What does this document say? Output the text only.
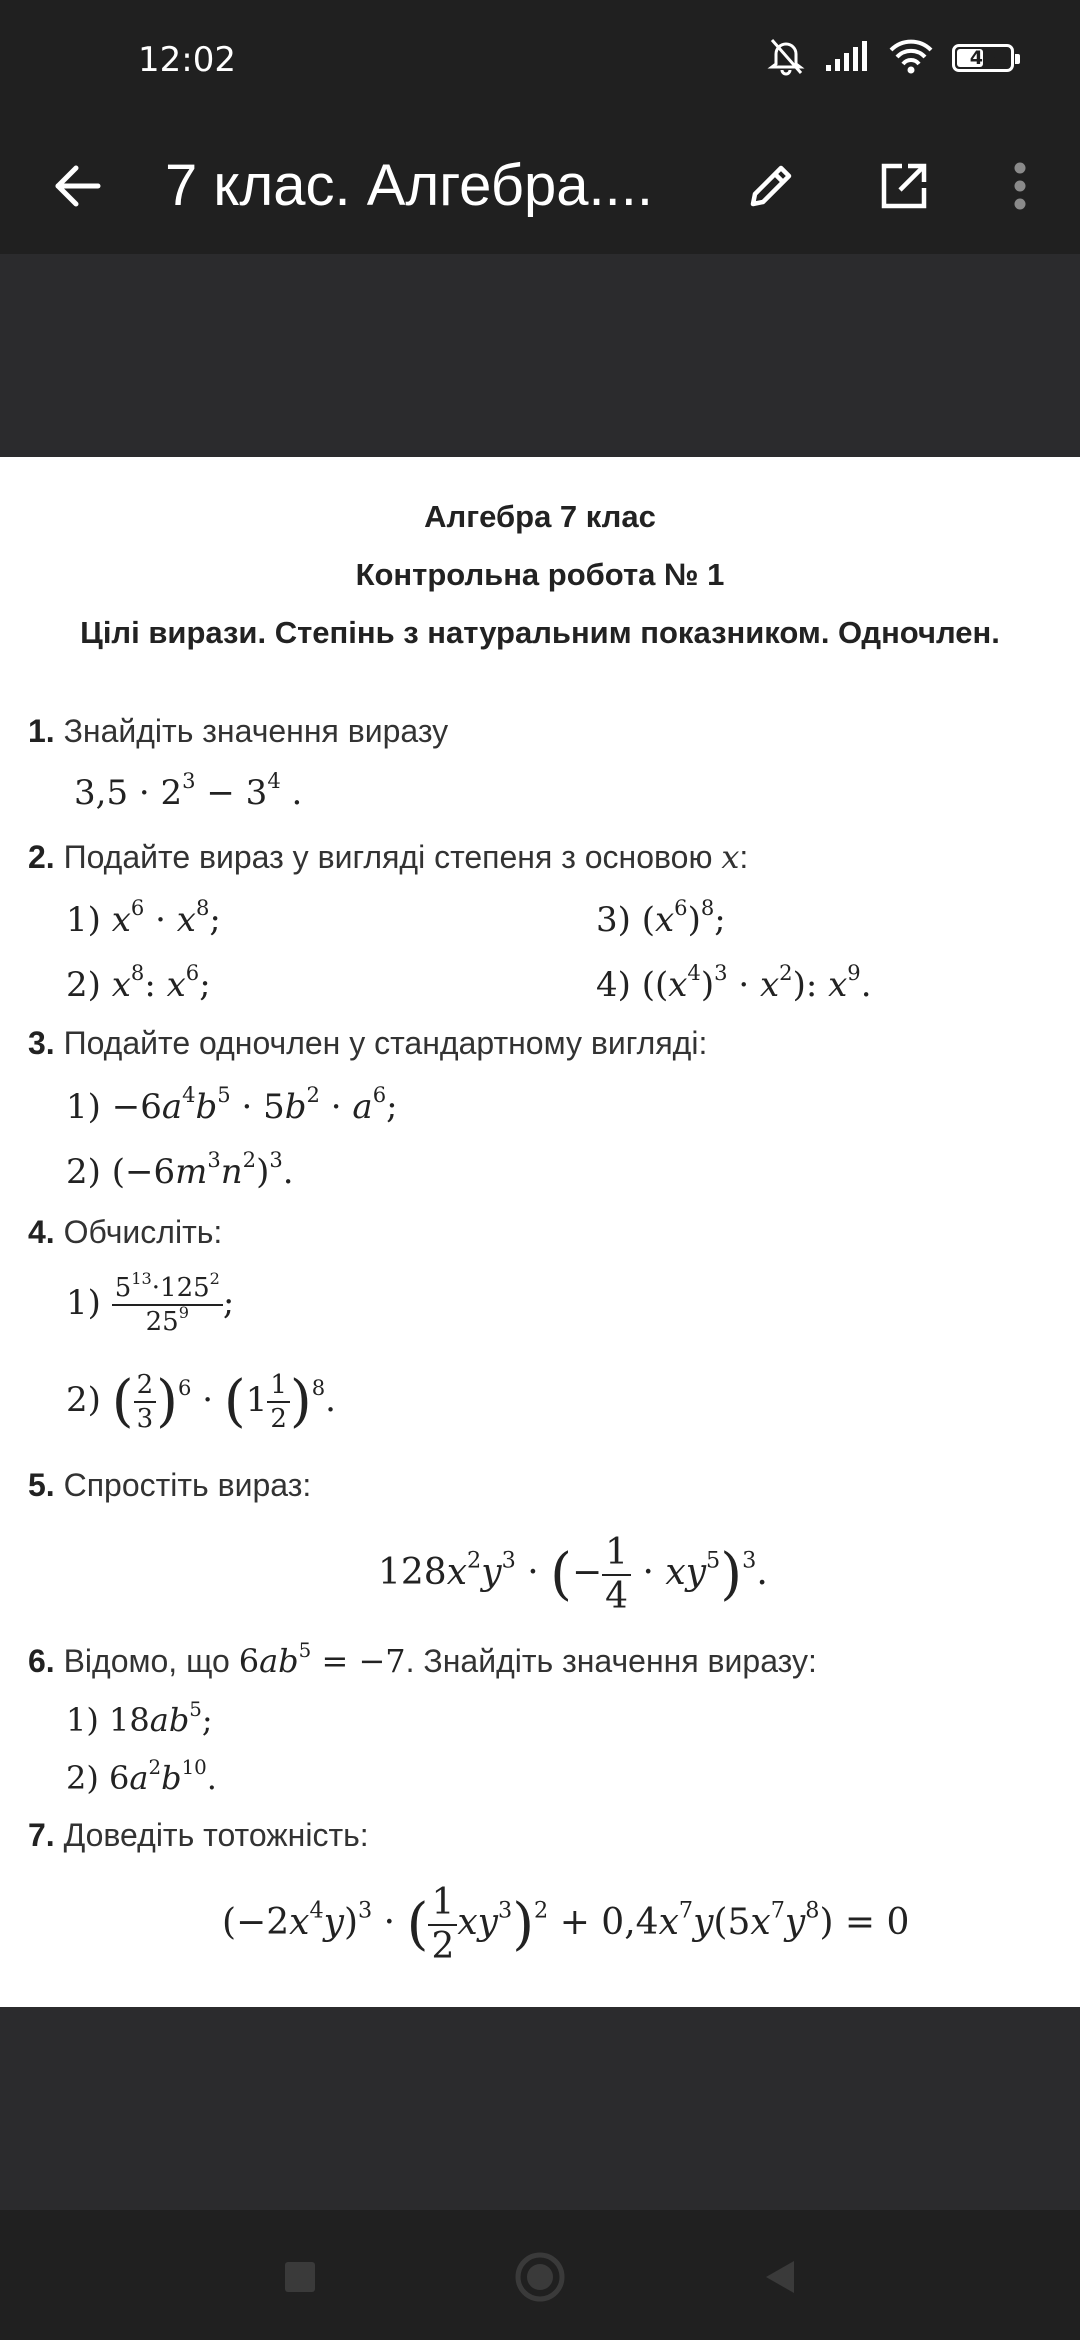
12:02	46
7 клас. Алгебра....
Алгебра 7 клас
Контрольна робота № 1
Цілі вирази. Степінь з натуральним показником. Одночлен.
1. Знайдіть значення виразу
$3,5 \cdot 2^3 - 3^4$ .
2. Подайте вираз у вигляді степеня з основою x:
1) $x^6 \cdot x^8$;	3) $(x^6)^8$;
2) $x^8$: $x^6$;	4) $((x^4)^3 \cdot x^2)$: $x^9$.
3. Подайте одночлен у стандартному вигляді:
$1) -6a^4b^5 \cdot 5b^2 \cdot a^6$;
2) $(-6m^3n^2)^3$.
4. Обчисліть:
$1) \frac{5^{13}\cdot 125^2}{25^9}$ ;
2) ( $\frac{2}{3} )^6 \cdot (1 \frac{1}{2} )^8$.
5. Спростіть вираз:
$128x^2y^3$ · (− $\frac{1}{4} \cdot xy^5)^3$.
6. Відомо, що $6ab^5 = -7$. Знайдіть значення виразу:
1) $18ab^5$;
2) $6a^2b^{10}$.
7. Доведіть тотожність:
$(-2x^4y)^3$ · ( $\frac{1}{2} xy^3)^2 + 0,4x^7y(5x^7y^8) = 0$
